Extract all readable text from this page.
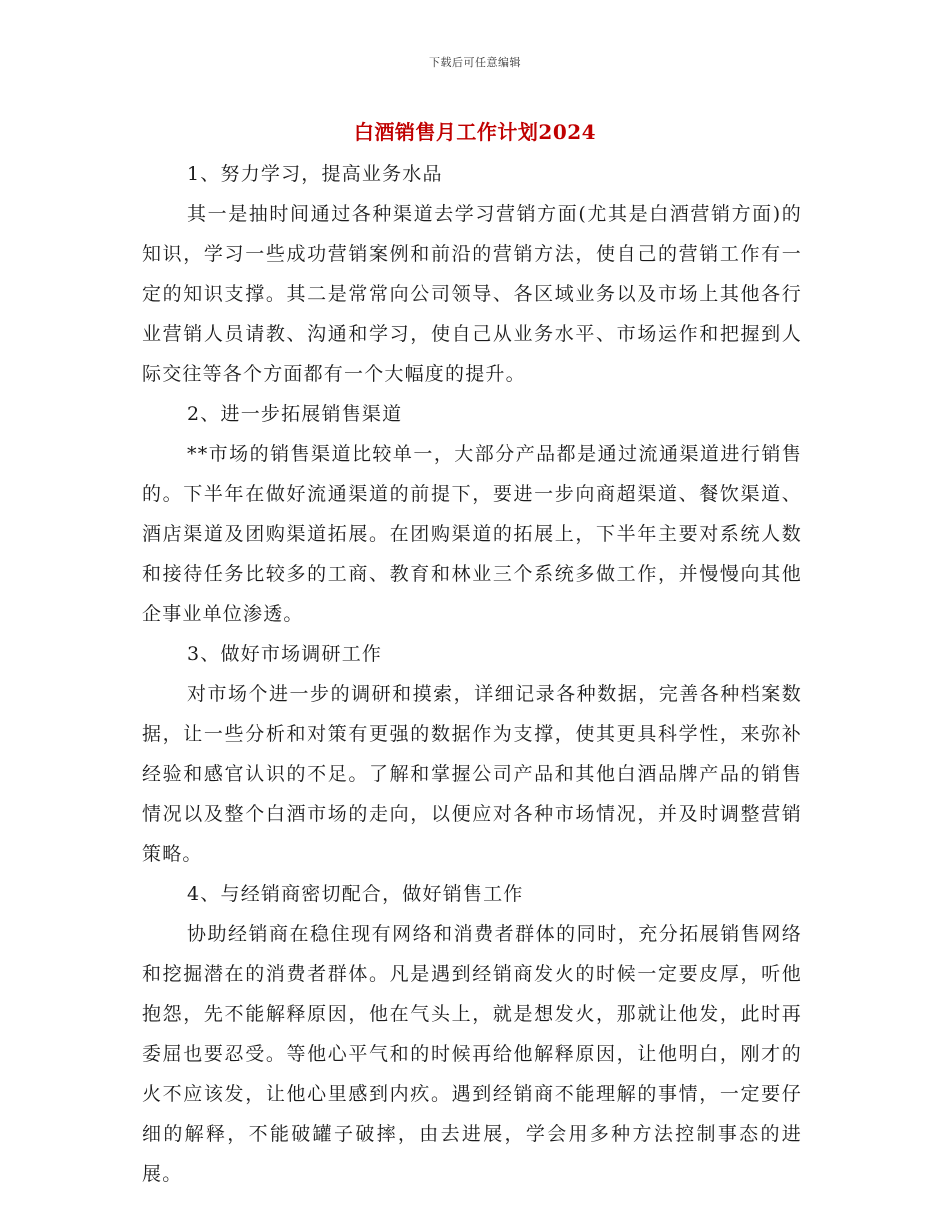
下载后可任意编辑
白酒销售月工作计划2024

1、努力学习，提高业务水品

其一是抽时间通过各种渠道去学习营销方面(尤其是白酒营销方面)的知识，学习一些成功营销案例和前沿的营销方法，使自己的营销工作有一定的知识支撑。其二是常常向公司领导、各区域业务以及市场上其他各行业营销人员请教、沟通和学习，使自己从业务水平、市场运作和把握到人际交往等各个方面都有一个大幅度的提升。

2、进一步拓展销售渠道

**市场的销售渠道比较单一，大部分产品都是通过流通渠道进行销售的。下半年在做好流通渠道的前提下，要进一步向商超渠道、餐饮渠道、酒店渠道及团购渠道拓展。在团购渠道的拓展上，下半年主要对系统人数和接待任务比较多的工商、教育和林业三个系统多做工作，并慢慢向其他企事业单位渗透。

3、做好市场调研工作

对市场个进一步的调研和摸索，详细记录各种数据，完善各种档案数据，让一些分析和对策有更强的数据作为支撑，使其更具科学性，来弥补经验和感官认识的不足。了解和掌握公司产品和其他白酒品牌产品的销售情况以及整个白酒市场的走向，以便应对各种市场情况，并及时调整营销策略。

4、与经销商密切配合，做好销售工作

协助经销商在稳住现有网络和消费者群体的同时，充分拓展销售网络和挖掘潜在的消费者群体。凡是遇到经销商发火的时候一定要皮厚，听他抱怨，先不能解释原因，他在气头上，就是想发火，那就让他发，此时再委屈也要忍受。等他心平气和的时候再给他解释原因，让他明白，刚才的火不应该发，让他心里感到内疚。遇到经销商不能理解的事情，一定要仔细的解释，不能破罐子破摔，由去进展，学会用多种方法控制事态的进展。
